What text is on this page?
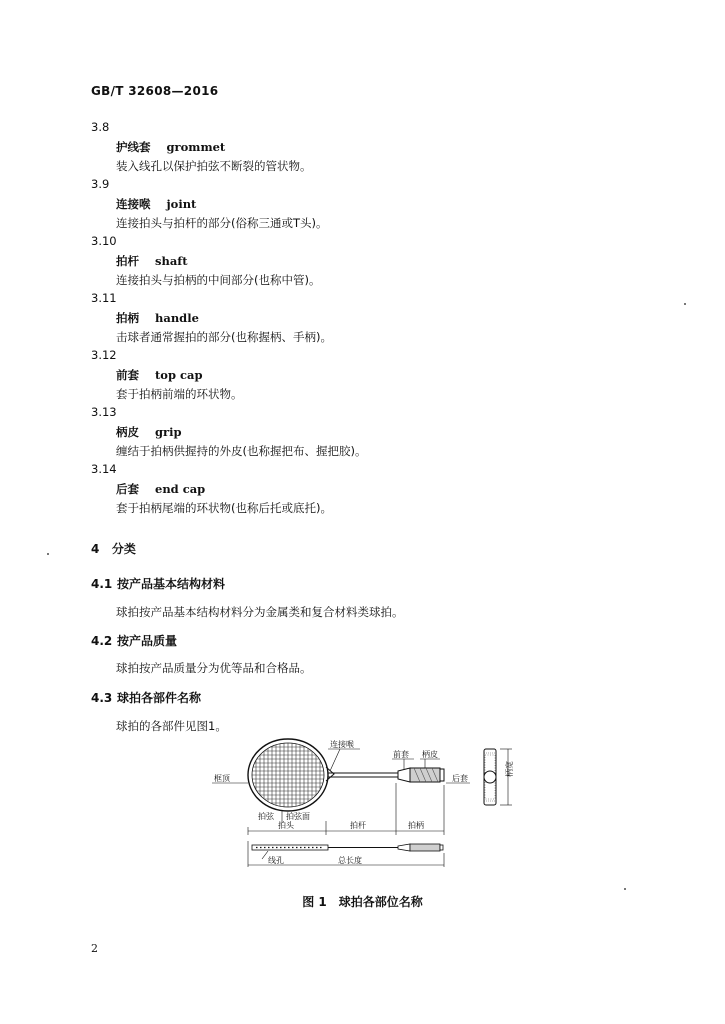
GB/T 32608—2016
3.8
护线套 grommet
装入线孔以保护拍弦不断裂的管状物。
3.9
连接喉 joint
连接拍头与拍杆的部分(俗称三通或T头)。
3.10
拍杆 shaft
连接拍头与拍柄的中间部分(也称中管)。
3.11
拍柄 handle
击球者通常握拍的部分(也称握柄、手柄)。
3.12
前套 top cap
套于拍柄前端的环状物。
3.13
柄皮 grip
缠结于拍柄供握持的外皮(也称握把布、握把胶)。
3.14
后套 end cap
套于拍柄尾端的环状物(也称后托或底托)。
4 分类
4.1 按产品基本结构材料
球拍按产品基本结构材料分为金属类和复合材料类球拍。
4.2 按产品质量
球拍按产品质量分为优等品和合格品。
4.3 球拍各部件名称
球拍的各部件见图1。
连接喉
前套 柄皮
框顶	后套
拍弦 拍弦面
拍头	拍杆	拍柄
线孔	总长度
柄宽
图 1　球拍各部位名称
2
